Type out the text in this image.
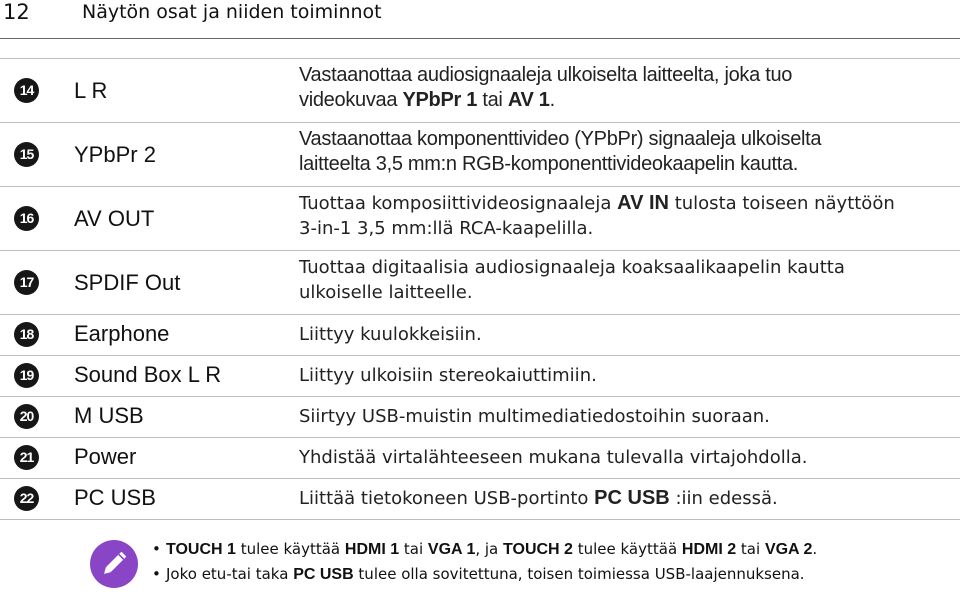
12	Näytön osat ja niiden toiminnot
14 L R
Vastaanottaa audiosignaaleja ulkoiselta laitteelta, joka tuo
videokuvaa YPbPr 1 tai AV 1.
15 YPbPr 2
Vastaanottaa komponenttivideo (YPbPr) signaaleja ulkoiselta
laitteelta 3,5 mm:n RGB-komponenttivideokaapelin kautta.
16 AV OUT
Tuottaa komposiittivideosignaaleja AV IN tulosta toiseen näyttöön
3-in-1 3,5 mm:llä RCA-kaapelilla.
17 SPDIF Out
Tuottaa digitaalisia audiosignaaleja koaksaalikaapelin kautta
ulkoiselle laitteelle.
18 Earphone	Liittyy kuulokkeisiin.
19 Sound Box L R	Liittyy ulkoisiin stereokaiuttimiin.
20 M USB	Siirtyy USB-muistin multimediatiedostoihin suoraan.
21 Power	Yhdistää virtalähteeseen mukana tulevalla virtajohdolla.
22 PC USB	Liittää tietokoneen USB-portinto PC USB :iin edessä.
• TOUCH 1 tulee käyttää HDMI 1 tai VGA 1, ja TOUCH 2 tulee käyttää HDMI 2 tai VGA 2.
• Joko etu-tai taka PC USB tulee olla sovitettuna, toisen toimiessa USB-laajennuksena.
